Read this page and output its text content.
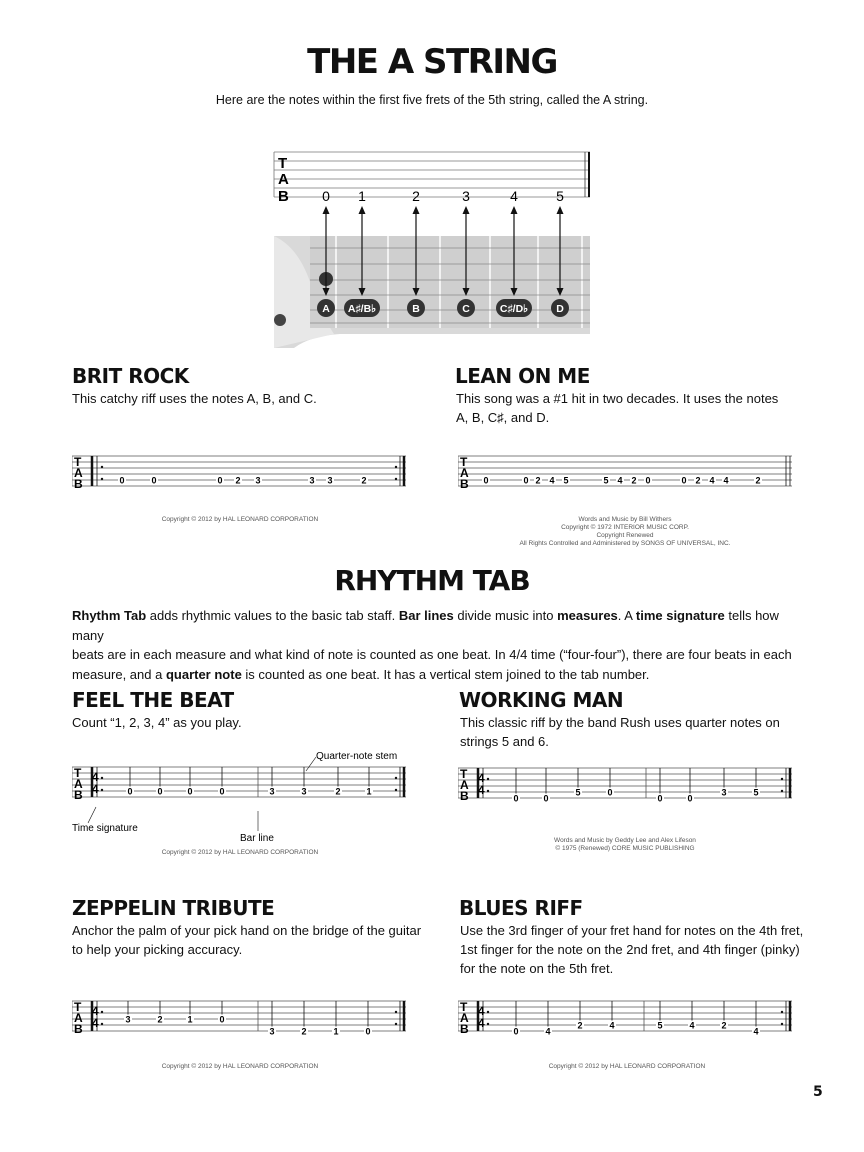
THE A STRING
Here are the notes within the first five frets of the 5th string, called the A string.
T
A
B 0
A
1
A♯/B♭
2
B
3
C
4
C♯/D♭
5
D
BRIT ROCK
This catchy riff uses the notes A, B, and C.
T
A
B	0	0	0 2 3	3 3	2
Copyright © 2012 by HAL LEONARD CORPORATION
LEAN ON ME
This song was a #1 hit in two decades. It uses the notes
A, B, C♯, and D.
T
A
B 0	0 2 4 5	5 4 2 0	0 2 4 4	2
Words and Music by Bill Withers
Copyright © 1972 INTERIOR MUSIC CORP.
Copyright Renewed
All Rights Controlled and Administered by SONGS OF UNIVERSAL, INC.
RHYTHM TAB
Rhythm Tab adds rhythmic values to the basic tab staff. Bar lines divide music into measures. A time signature tells how many
beats are in each measure and what kind of note is counted as one beat. In 4/4 time (“four-four”), there are four beats in each
measure, and a quarter note is counted as one beat. It has a vertical stem joined to the tab number.
FEEL THE BEAT
Count “1, 2, 3, 4” as you play.
T
A
B
4
4	0	0	0	0	3	3	2	1
Quarter-note stem
Time signature
Bar line
Copyright © 2012 by HAL LEONARD CORPORATION
WORKING MAN
This classic riff by the band Rush uses quarter notes on
strings 5 and 6.
T
A
B
4
4
0	0
5	0
0	0
3	5
Words and Music by Geddy Lee and Alex Lifeson
© 1975 (Renewed) CORE MUSIC PUBLISHING
ZEPPELIN TRIBUTE
Anchor the palm of your pick hand on the bridge of the guitar
to help your picking accuracy.
T
A
B
4
4	3	2	1	0
3	2	1	0
Copyright © 2012 by HAL LEONARD CORPORATION
BLUES RIFF
Use the 3rd finger of your fret hand for notes on the 4th fret,
1st finger for the note on the 2nd fret, and 4th finger (pinky)
for the note on the 5th fret.
T
A
B
4
4
0	4
2	4	5	4	2
4
Copyright © 2012 by HAL LEONARD CORPORATION
5
